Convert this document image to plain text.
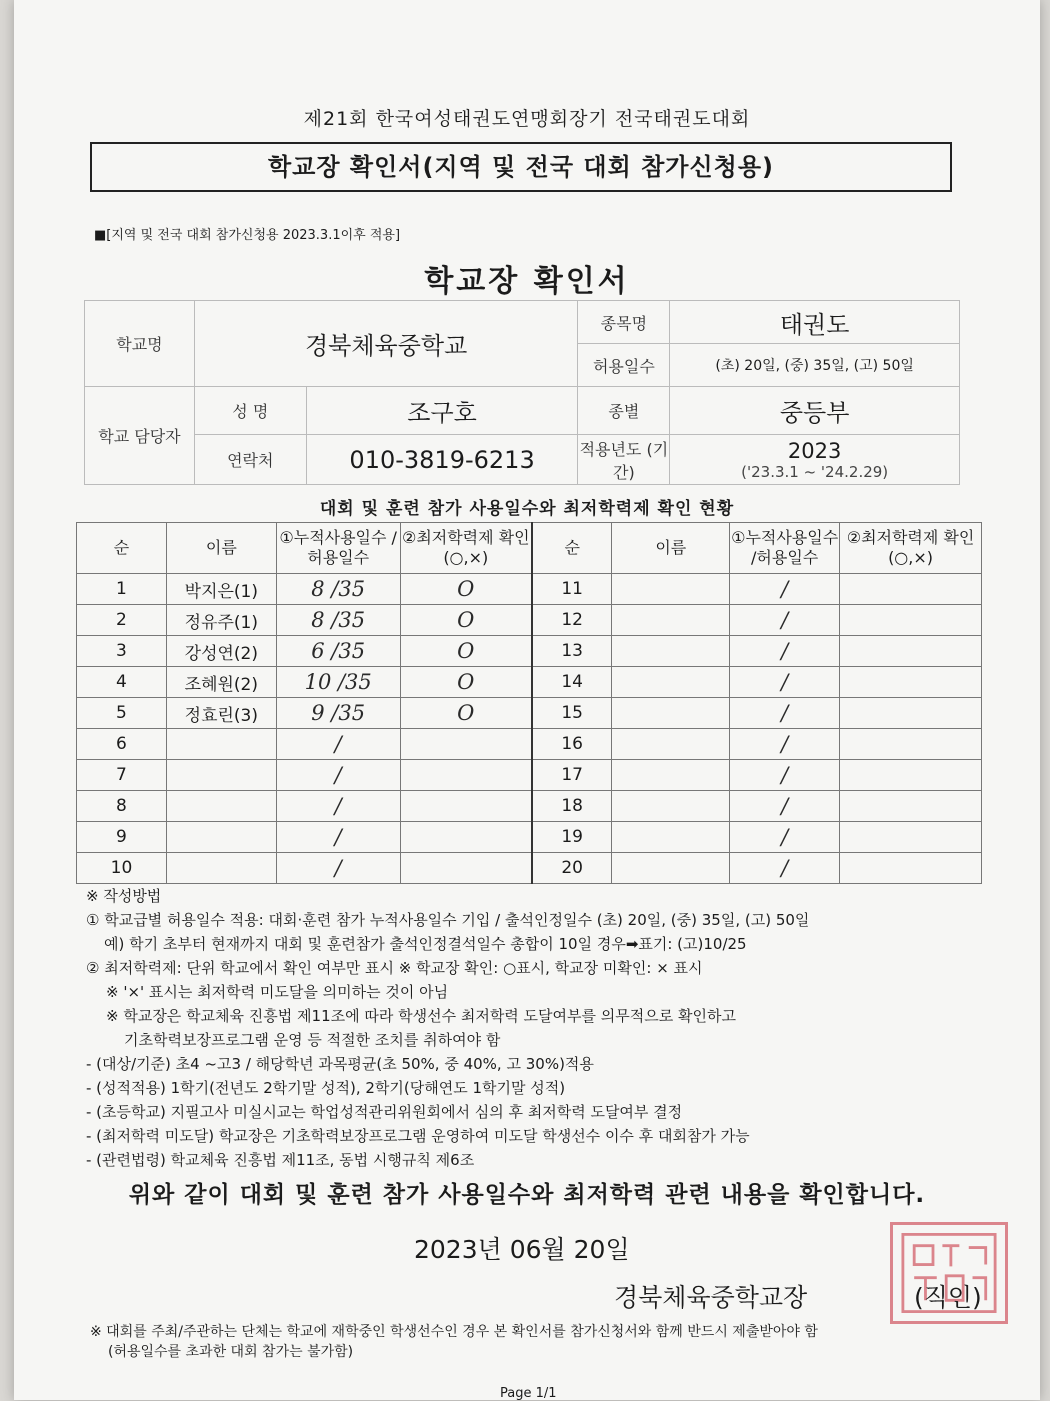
제21회 한국여성태권도연맹회장기 전국태권도대회
학교장 확인서(지역 및 전국 대회 참가신청용)
■[지역 및 전국 대회 참가신청용 2023.3.1이후 적용]
학교장 확인서
학교명	경북체육중학교		종목명	태권도
			허용일수	(초) 20일, (중) 35일, (고) 50일
학교 담당자	성 명	조구호	종별	중등부
	연락처	010-3819-6213	적용년도 (기간)	2023
('23.3.1 ~ '24.2.29)
대회 및 훈련 참가 사용일수와 최저학력제 확인 현황
순	이름	①누적사용일수 /허용일수	②최저학력제 확인(○,×)	순	이름	①누적사용일수 /허용일수	②최저학력제 확인(○,×)
1	박지은(1)	8 /35	O	11		/	
2	정유주(1)	8 /35	O	12		/	
3	강성연(2)	6 /35	O	13		/	
4	조혜원(2)	10 /35	O	14		/	
5	정효린(3)	9 /35	O	15		/	
6		/		16		/	
7		/		17		/	
8		/		18		/	
9		/		19		/	
10		/		20		/	
※ 작성방법
① 학교급별 허용일수 적용: 대회·훈련 참가 누적사용일수 기입 / 출석인정일수 (초) 20일, (중) 35일, (고) 50일
예) 학기 초부터 현재까지 대회 및 훈련참가 출석인정결석일수 총합이 10일 경우➡표기: (고)10/25
② 최저학력제: 단위 학교에서 확인 여부만 표시 ※ 학교장 확인: ○표시, 학교장 미확인: × 표시
※ '×' 표시는 최저학력 미도달을 의미하는 것이 아님
※ 학교장은 학교체육 진흥법 제11조에 따라 학생선수 최저학력 도달여부를 의무적으로 확인하고
기초학력보장프로그램 운영 등 적절한 조치를 취하여야 함
- (대상/기준) 초4 ~고3 / 해당학년 과목평균(초 50%, 중 40%, 고 30%)적용
- (성적적용) 1학기(전년도 2학기말 성적), 2학기(당해연도 1학기말 성적)
- (초등학교) 지필고사 미실시교는 학업성적관리위원회에서 심의 후 최저학력 도달여부 결정
- (최저학력 미도달) 학교장은 기초학력보장프로그램 운영하여 미도달 학생선수 이수 후 대회참가 가능
- (관련법령) 학교체육 진흥법 제11조, 동법 시행규칙 제6조
위와 같이 대회 및 훈련 참가 사용일수와 최저학력 관련 내용을 확인합니다.
2023년 06월 20일
경북체육중학교장	(직인)
※ 대회를 주최/주관하는 단체는 학교에 재학중인 학생선수인 경우 본 확인서를 참가신청서와 함께 반드시 제출받아야 함
(허용일수를 초과한 대회 참가는 불가함)
Page 1/1
